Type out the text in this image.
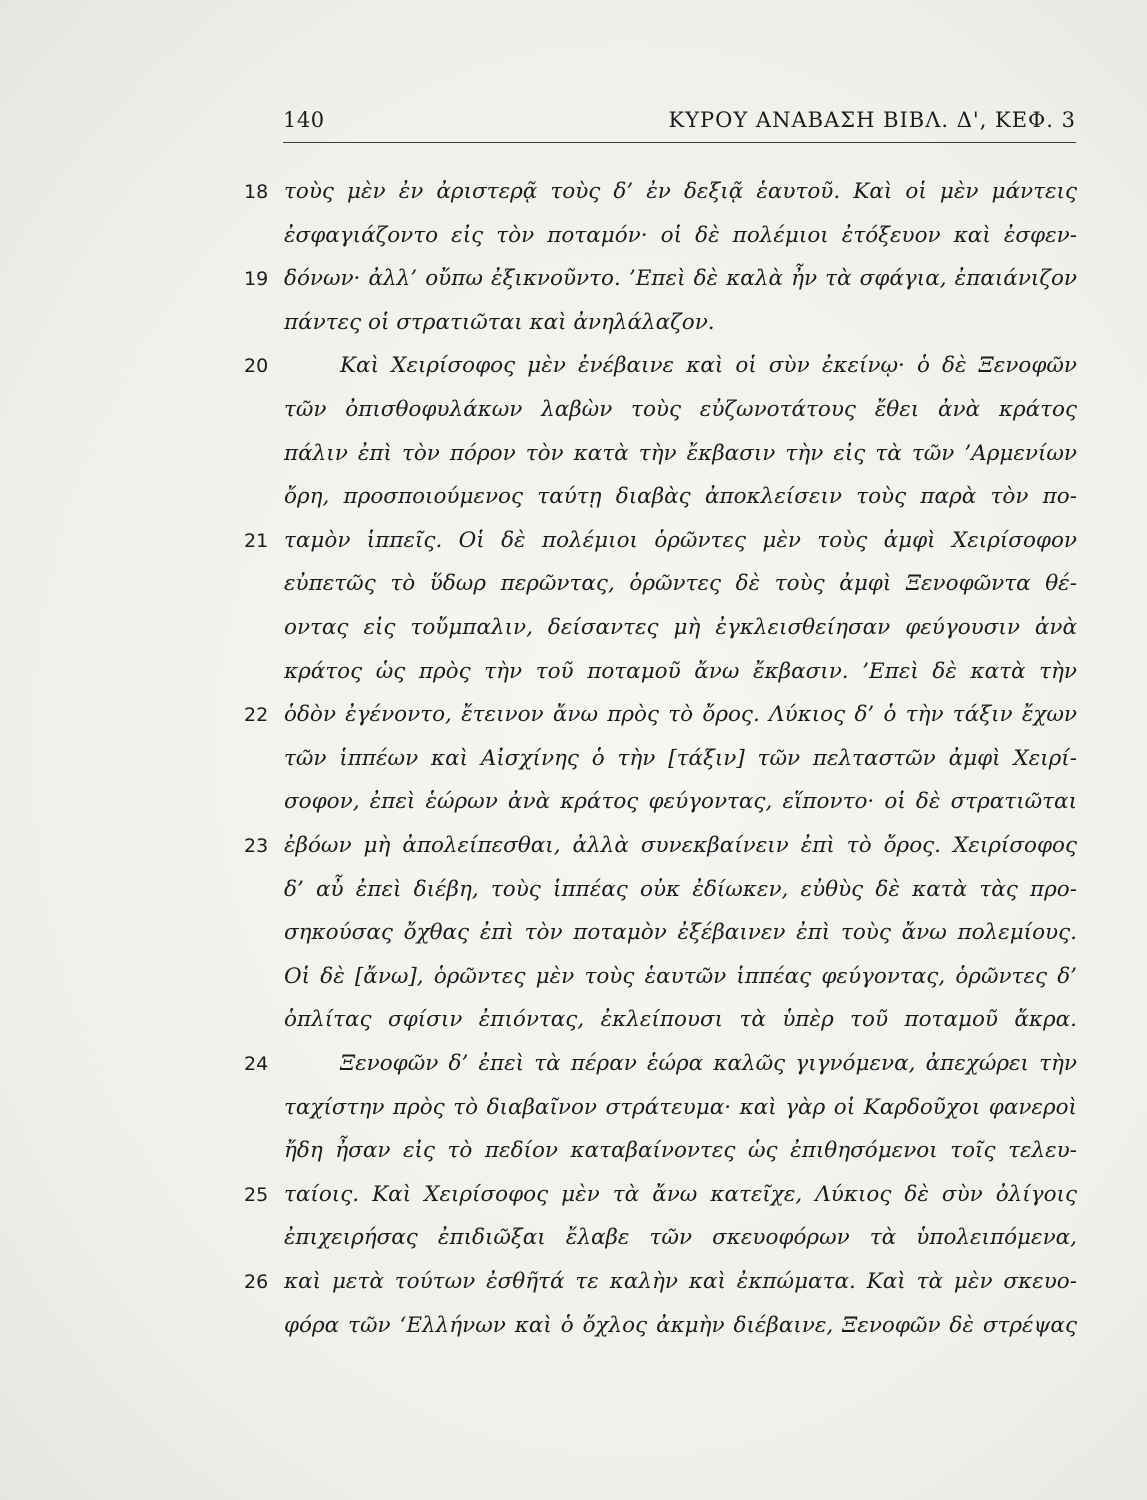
140	ΚΥΡΟΥ ΑΝΑΒΑΣΗ ΒΙΒΛ. Δ', ΚΕΦ. 3
18 τοὺς μὲν ἐν ἀριστερᾷ τοὺς δ’ ἐν δεξιᾷ ἑαυτοῦ. Καὶ οἱ μὲν μάντεις
ἐσφαγιάζοντο εἰς τὸν ποταμόν· οἱ δὲ πολέμιοι ἐτόξευον καὶ ἐσφεν-
19 δόνων· ἀλλ’ οὔπω ἐξικνοῦντο. ’Επεὶ δὲ καλὰ ἦν τὰ σφάγια, ἐπαιάνιζον
πάντες οἱ στρατιῶται καὶ ἀνηλάλαζον.
20	Καὶ Χειρίσοφος μὲν ἐνέβαινε καὶ οἱ σὺν ἐκείνῳ· ὁ δὲ Ξενοφῶν
τῶν ὀπισθοφυλάκων λαβὼν τοὺς εὐζωνοτάτους ἔθει ἀνὰ κράτος
πάλιν ἐπὶ τὸν πόρον τὸν κατὰ τὴν ἔκβασιν τὴν εἰς τὰ τῶν ’Αρμενίων
ὄρη, προσποιούμενος ταύτῃ διαβὰς ἀποκλείσειν τοὺς παρὰ τὸν πο-
21 ταμὸν ἱππεῖς. Οἱ δὲ πολέμιοι ὁρῶντες μὲν τοὺς ἀμφὶ Χειρίσοφον
εὐπετῶς τὸ ὕδωρ περῶντας, ὁρῶντες δὲ τοὺς ἀμφὶ Ξενοφῶντα θέ-
οντας εἰς τοὔμπαλιν, δείσαντες μὴ ἐγκλεισθείησαν φεύγουσιν ἀνὰ
κράτος ὡς πρὸς τὴν τοῦ ποταμοῦ ἄνω ἔκβασιν. ’Επεὶ δὲ κατὰ τὴν
22 ὁδὸν ἐγένοντο, ἔτεινον ἄνω πρὸς τὸ ὄρος. Λύκιος δ’ ὁ τὴν τάξιν ἔχων
τῶν ἱππέων καὶ Αἰσχίνης ὁ τὴν [τάξιν] τῶν πελταστῶν ἀμφὶ Χειρί-
σοφον, ἐπεὶ ἑώρων ἀνὰ κράτος φεύγοντας, εἵποντο· οἱ δὲ στρατιῶται
23 ἐβόων μὴ ἀπολείπεσθαι, ἀλλὰ συνεκβαίνειν ἐπὶ τὸ ὄρος. Χειρίσοφος
δ’ αὖ ἐπεὶ διέβη, τοὺς ἱππέας οὐκ ἐδίωκεν, εὐθὺς δὲ κατὰ τὰς προ-
σηκούσας ὄχθας ἐπὶ τὸν ποταμὸν ἐξέβαινεν ἐπὶ τοὺς ἄνω πολεμίους.
Οἱ δὲ [ἄνω], ὁρῶντες μὲν τοὺς ἑαυτῶν ἱππέας φεύγοντας, ὁρῶντες δ’
ὁπλίτας σφίσιν ἐπιόντας, ἐκλείπουσι τὰ ὑπὲρ τοῦ ποταμοῦ ἄκρα.
24	Ξενοφῶν δ’ ἐπεὶ τὰ πέραν ἑώρα καλῶς γιγνόμενα, ἀπεχώρει τὴν
ταχίστην πρὸς τὸ διαβαῖνον στράτευμα· καὶ γὰρ οἱ Καρδοῦχοι φανεροὶ
ἤδη ἦσαν εἰς τὸ πεδίον καταβαίνοντες ὡς ἐπιθησόμενοι τοῖς τελευ-
25 ταίοις. Καὶ Χειρίσοφος μὲν τὰ ἄνω κατεῖχε, Λύκιος δὲ σὺν ὀλίγοις
ἐπιχειρήσας ἐπιδιῶξαι ἔλαβε τῶν σκευοφόρων τὰ ὑπολειπόμενα,
26 καὶ μετὰ τούτων ἐσθῆτά τε καλὴν καὶ ἐκπώματα. Καὶ τὰ μὲν σκευο-
φόρα τῶν ‘Ελλήνων καὶ ὁ ὄχλος ἀκμὴν διέβαινε, Ξενοφῶν δὲ στρέψας
